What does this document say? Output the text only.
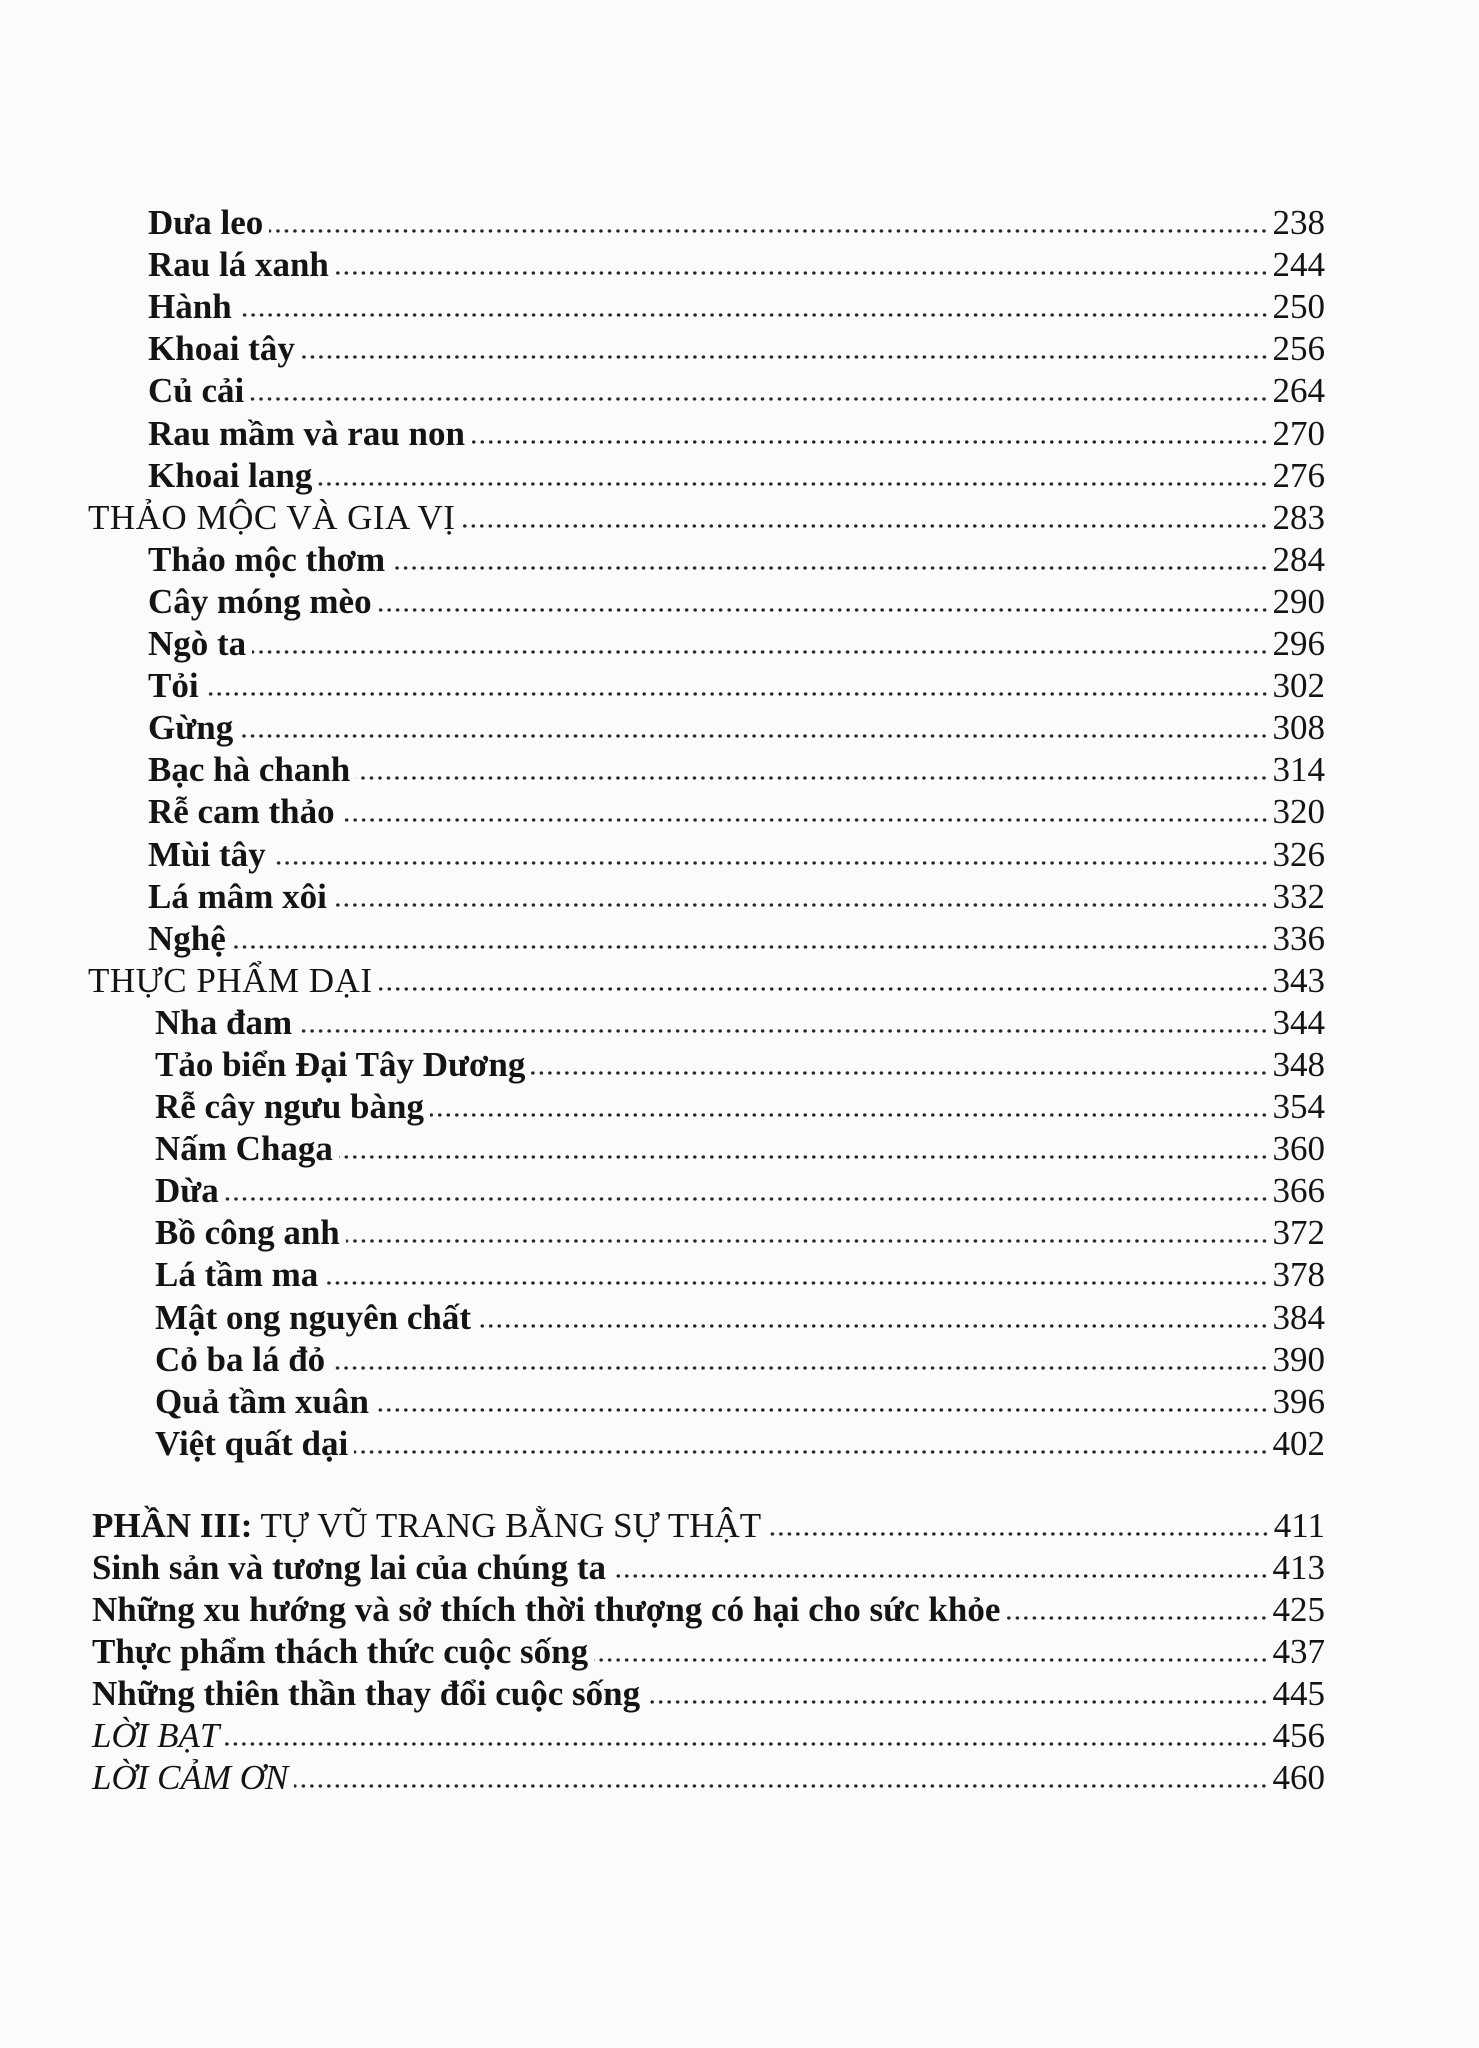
Dưa leo	238
Rau lá xanh	244
Hành	250
Khoai tây	256
Củ cải	264
Rau mầm và rau non	270
Khoai lang	276
THẢO MỘC VÀ GIA VỊ	283
Thảo mộc thơm	284
Cây móng mèo	290
Ngò ta	296
Tỏi	302
Gừng	308
Bạc hà chanh	314
Rễ cam thảo	320
Mùi tây	326
Lá mâm xôi	332
Nghệ	336
THỰC PHẨM DẠI	343
Nha đam	344
Tảo biển Đại Tây Dương	348
Rễ cây ngưu bàng	354
Nấm Chaga	360
Dừa	366
Bồ công anh	372
Lá tầm ma	378
Mật ong nguyên chất	384
Cỏ ba lá đỏ	390
Quả tầm xuân	396
Việt quất dại	402
PHẦN III: TỰ VŨ TRANG BẰNG SỰ THẬT	411
Sinh sản và tương lai của chúng ta	413
Những xu hướng và sở thích thời thượng có hại cho sức khỏe	425
Thực phẩm thách thức cuộc sống	437
Những thiên thần thay đổi cuộc sống	445
LỜI BẠT	456
LỜI CẢM ƠN	460
